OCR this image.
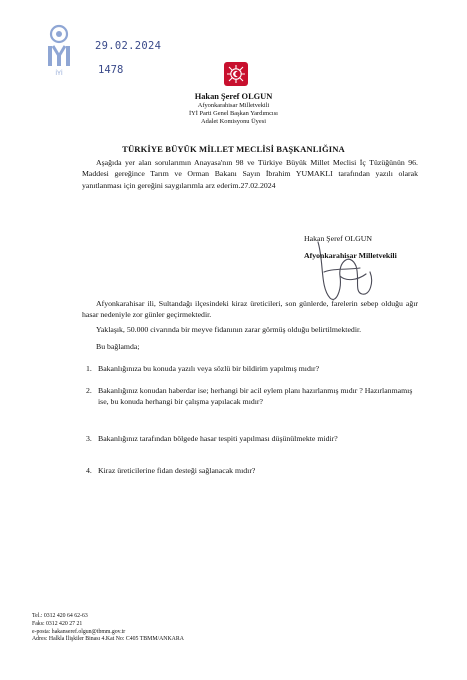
İYİ
29.02.2024
1478
Hakan Şeref OLGUN
Afyonkarahisar Milletvekili
İYİ Parti Genel Başkan Yardımcısı
Adalet Komisyonu Üyesi
TÜRKİYE BÜYÜK MİLLET MECLİSİ BAŞKANLIĞINA
Aşağıda yer alan sorularımın Anayasa'nın 98 ve Türkiye Büyük Millet Meclisi İç Tüzüğünün 96. Maddesi gereğince Tarım ve Orman Bakanı Sayın İbrahim YUMAKLI tarafından yazılı olarak yanıtlanması için gereğini saygılarımla arz ederim.27.02.2024
Hakan Şeref OLGUN
Afyonkarahisar Milletvekili
Afyonkarahisar ili, Sultandağı ilçesindeki kiraz üreticileri, son günlerde, farelerin sebep olduğu ağır hasar nedeniyle zor günler geçirmektedir.
Yaklaşık, 50.000 civarında bir meyve fidanının zarar görmüş olduğu belirtilmektedir.
Bu bağlamda;
1. Bakanlığınıza bu konuda yazılı veya sözlü bir bildirim yapılmış mıdır?
2. Bakanlığınız konudan haberdar ise; herhangi bir acil eylem planı hazırlanmış mıdır ? Hazırlanmamış ise, bu konuda herhangi bir çalışma yapılacak mıdır?
3. Bakanlığınız tarafından bölgede hasar tespiti yapılması düşünülmekte midir?
4. Kiraz üreticilerine fidan desteği sağlanacak mıdır?
Tel.: 0312 420 64 62-63
Faks: 0312 420 27 21
e-posta: hakanseref.olgun@tbmm.gov.tr
Adres: Halkla İlişkiler Binası 4.Kat No: C405 TBMM/ANKARA
